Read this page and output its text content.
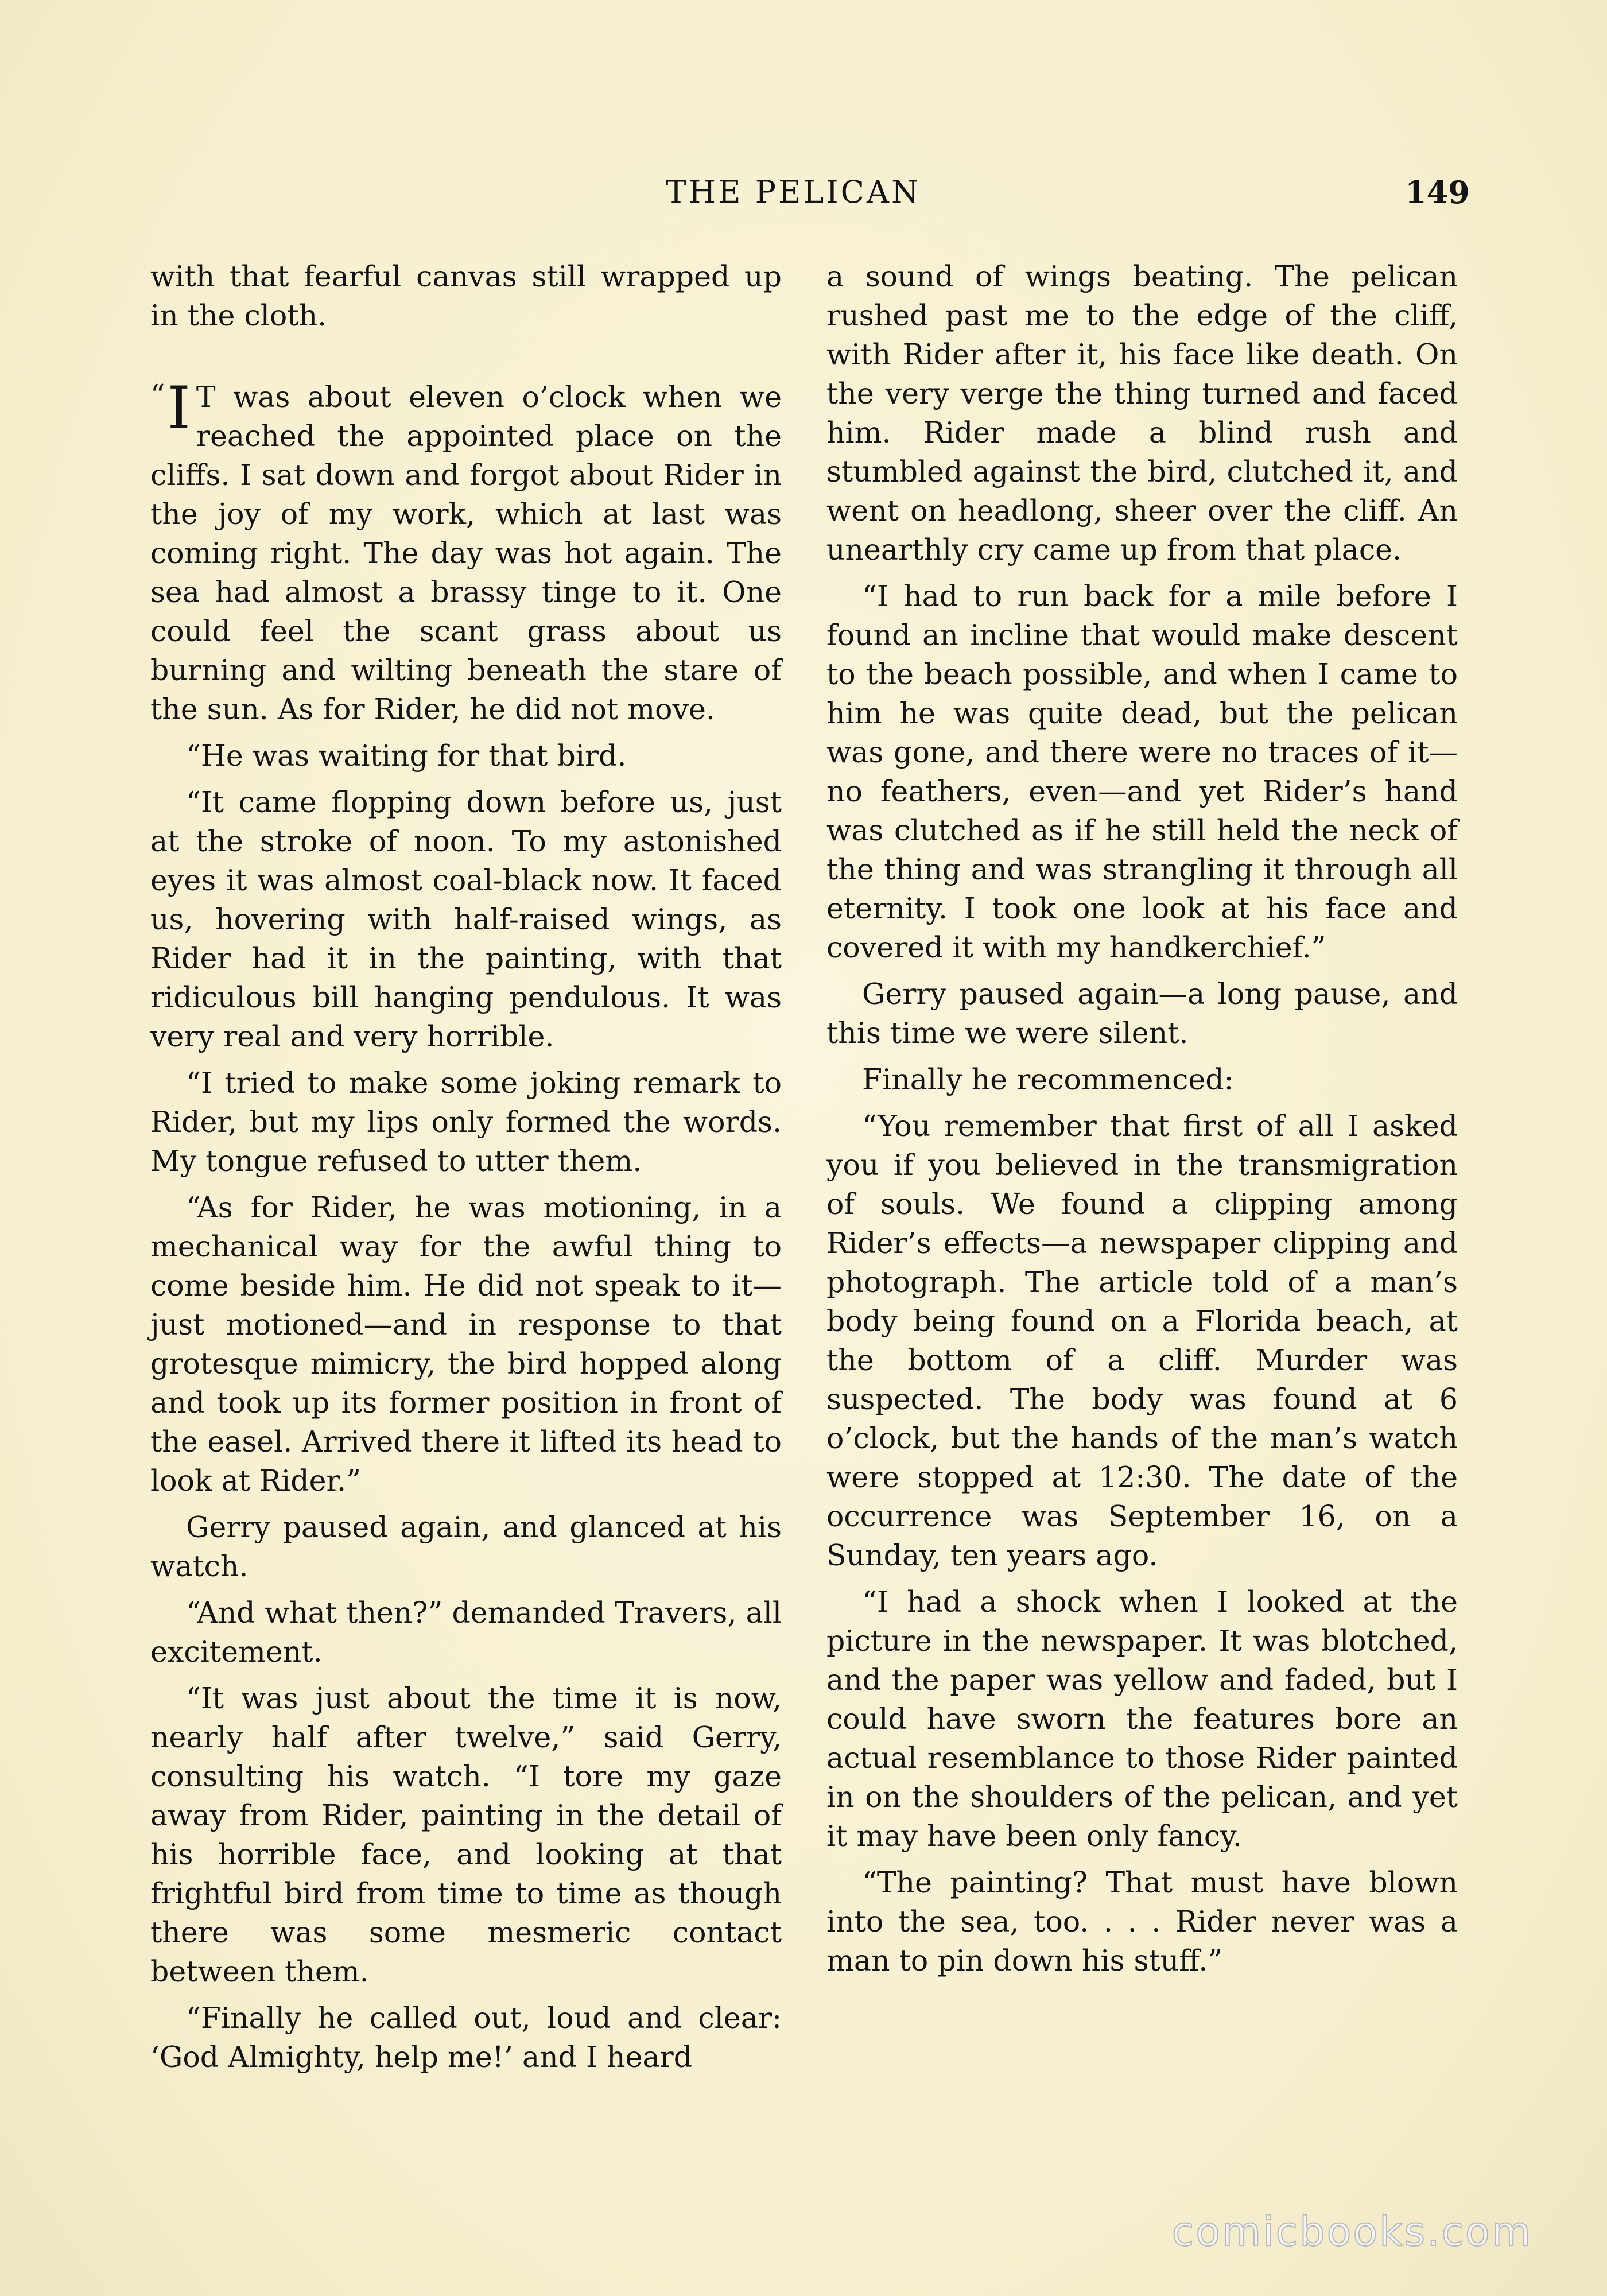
THE PELICAN	149

with that fearful canvas still wrapped up in the cloth.

“ I T was about eleven o’clock when we reached the appointed place on the cliffs. I sat down and forgot about Rider in the joy of my work, which at last was coming right. The day was hot again. The sea had almost a brassy tinge to it. One could feel the scant grass about us burning and wilting beneath the stare of the sun. As for Rider, he did not move.

“He was waiting for that bird.

“It came flopping down before us, just at the stroke of noon. To my astonished eyes it was almost coal-black now. It faced us, hovering with half-raised wings, as Rider had it in the painting, with that ridiculous bill hanging pendulous. It was very real and very horrible.

“I tried to make some joking remark to Rider, but my lips only formed the words. My tongue refused to utter them.

“As for Rider, he was motioning, in a mechanical way for the awful thing to come beside him. He did not speak to it—just motioned—and in response to that grotesque mimicry, the bird hopped along and took up its former position in front of the easel. Arrived there it lifted its head to look at Rider.”

Gerry paused again, and glanced at his watch.

“And what then?” demanded Travers, all excitement.

“It was just about the time it is now, nearly half after twelve,” said Gerry, consulting his watch. “I tore my gaze away from Rider, painting in the detail of his horrible face, and looking at that frightful bird from time to time as though there was some mesmeric contact between them.

“Finally he called out, loud and clear: ‘God Almighty, help me!’ and I heard

a sound of wings beating. The pelican rushed past me to the edge of the cliff, with Rider after it, his face like death. On the very verge the thing turned and faced him. Rider made a blind rush and stumbled against the bird, clutched it, and went on headlong, sheer over the cliff. An unearthly cry came up from that place.

“I had to run back for a mile before I found an incline that would make descent to the beach possible, and when I came to him he was quite dead, but the pelican was gone, and there were no traces of it—no feathers, even—and yet Rider’s hand was clutched as if he still held the neck of the thing and was strangling it through all eternity. I took one look at his face and covered it with my handkerchief.”

Gerry paused again—a long pause, and this time we were silent.

Finally he recommenced:

“You remember that first of all I asked you if you believed in the transmigration of souls. We found a clipping among Rider’s effects—a newspaper clipping and photograph. The article told of a man’s body being found on a Florida beach, at the bottom of a cliff. Murder was suspected. The body was found at 6 o’clock, but the hands of the man’s watch were stopped at 12:30. The date of the occurrence was September 16, on a Sunday, ten years ago.

“I had a shock when I looked at the picture in the newspaper. It was blotched, and the paper was yellow and faded, but I could have sworn the features bore an actual resemblance to those Rider painted in on the shoulders of the pelican, and yet it may have been only fancy.

“The painting? That must have blown into the sea, too. . . . Rider never was a man to pin down his stuff.”

comicbooks.com
